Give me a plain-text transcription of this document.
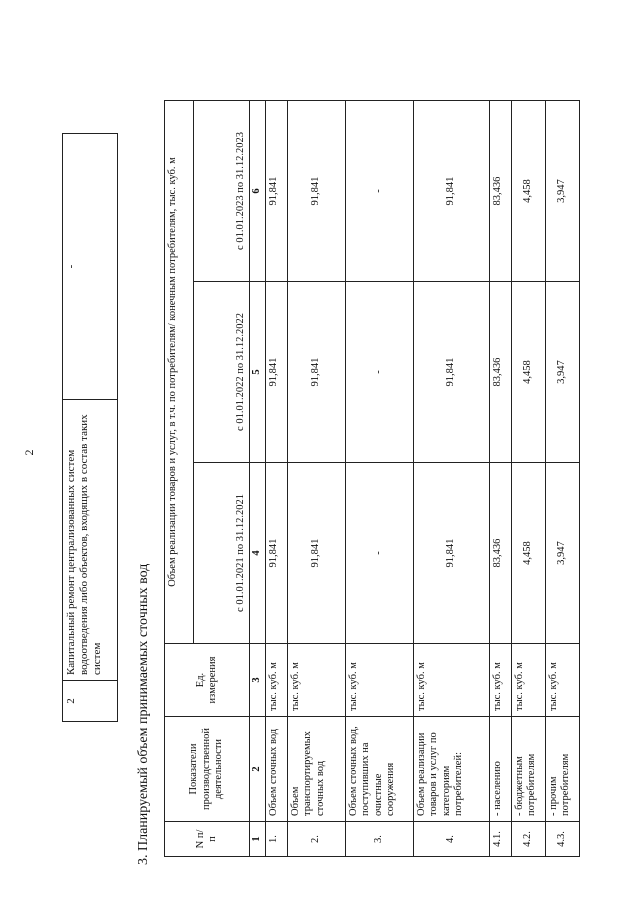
2
2	Капитальный ремонт централизованных систем водоотведения либо объектов, входящих в состав таких систем	-
3. Планируемый объем принимаемых сточных вод	N п/п	Показатели производственной деятельности	Ед. измерения	Объем реализации товаров и услуг, в т.ч. по потребителям/ конечным потребителям, тыс. куб. м		
			с 01.01.2021 по 31.12.2021	с 01.01.2022 по 31.12.2022	с 01.01.2023 по 31.12.2023
1	2	3	4	5	6
1.	Объем сточных вод	тыс. куб. м	91,841	91,841	91,841
2.	Объем транспортируемых сточных вод	тыс. куб. м	91,841	91,841	91,841
3.	Объем сточных вод, поступивших на очистные сооружения	тыс. куб. м	-	-	-
4.	Объем реализации товаров и услуг по категориям потребителей:	тыс. куб. м	91,841	91,841	91,841
4.1.	- населению	тыс. куб. м	83,436	83,436	83,436
4.2.	- бюджетным потребителям	тыс. куб. м	4,458	4,458	4,458
4.3.	- прочим потребителям	тыс. куб. м	3,947	3,947	3,947
